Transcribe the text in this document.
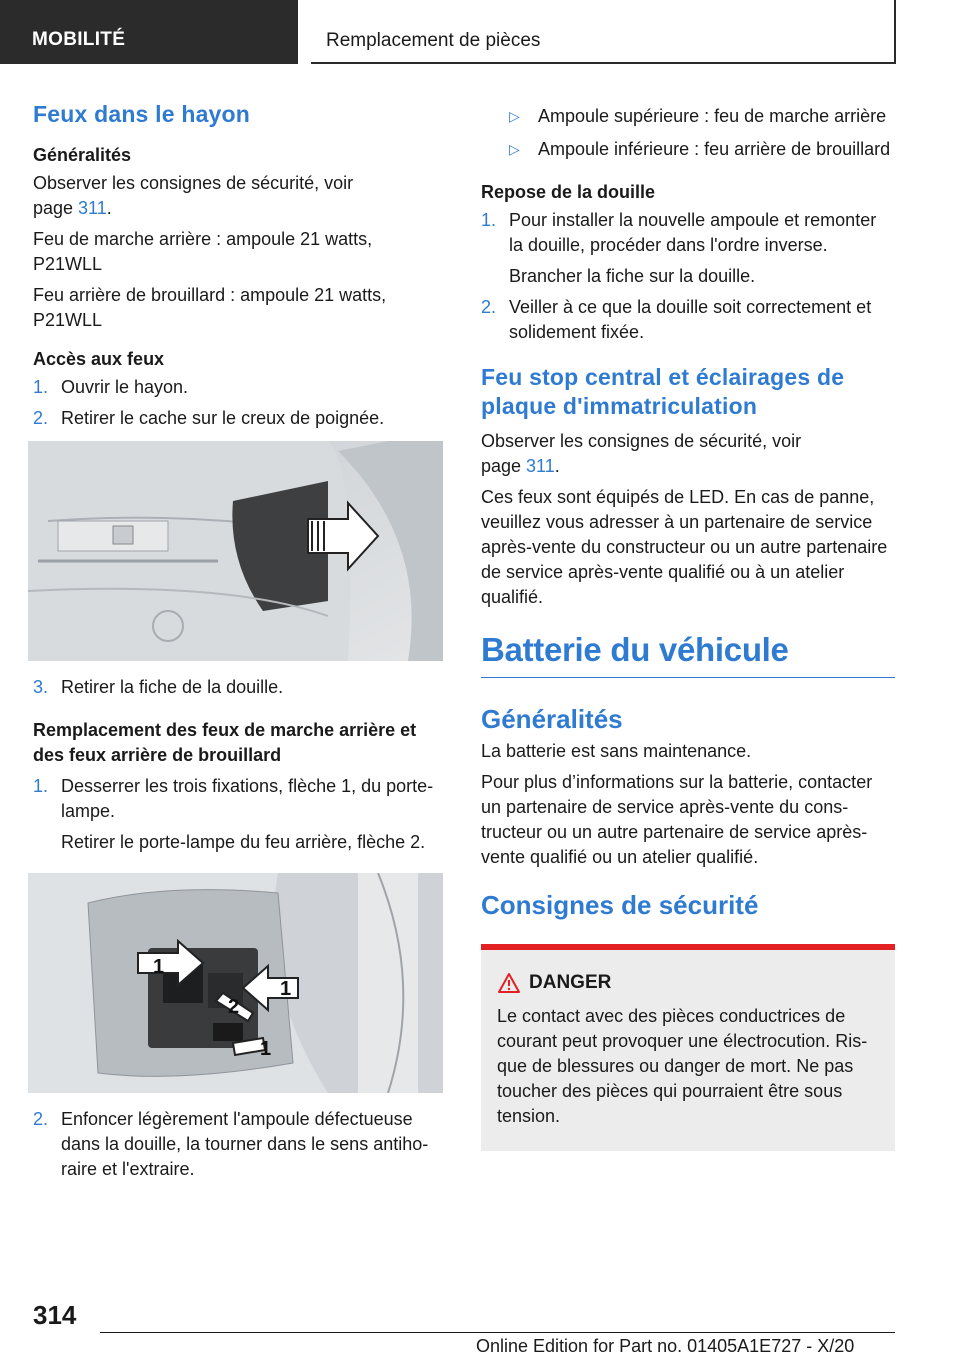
MOBILITÉ	Remplacement de pièces
Feux dans le hayon
Généralités

Observer les consignes de sécurité, voir
page 311.

Feu de marche arrière : ampoule 21 watts, P21WLL

Feu arrière de brouillard : ampoule 21 watts, P21WLL

Accès aux feux
1. Ouvrir le hayon.
2. Retirer le cache sur le creux de poignée.
3. Retirer la fiche de la douille.
Remplacement des feux de marche arrière et des feux arrière de brouillard
1. Desserrer les trois fixations, flèche 1, du porte-lampe.

Retirer le porte-lampe du feu arrière, flèche 2.

1
1
2
1
2. Enfoncer légèrement l'ampoule défectueuse dans la douille, la tourner dans le sens antihoraire et l'extraire.
▷ Ampoule supérieure : feu de marche arrière
▷ Ampoule inférieure : feu arrière de brouillard
Repose de la douille
1. Pour installer la nouvelle ampoule et remonter la douille, procéder dans l'ordre inverse.

Brancher la fiche sur la douille.

2. Veiller à ce que la douille soit correctement et solidement fixée.
Feu stop central et éclairages de plaque d'immatriculation

Observer les consignes de sécurité, voir
page 311.

Ces feux sont équipés de LED. En cas de panne, veuillez vous adresser à un partenaire de service après-vente du constructeur ou un autre partenaire de service après-vente qualifié ou à un atelier qualifié.

Batterie du véhicule
Généralités

La batterie est sans maintenance.

Pour plus d’informations sur la batterie, contacter un partenaire de service après-vente du constructeur ou un autre partenaire de service après-vente qualifié ou un atelier qualifié.

Consignes de sécurité
DANGER

Le contact avec des pièces conductrices de courant peut provoquer une électrocution. Risque de blessures ou danger de mort. Ne pas toucher des pièces qui pourraient être sous tension.

314
Online Edition for Part no. 01405A1E727 - X/20
